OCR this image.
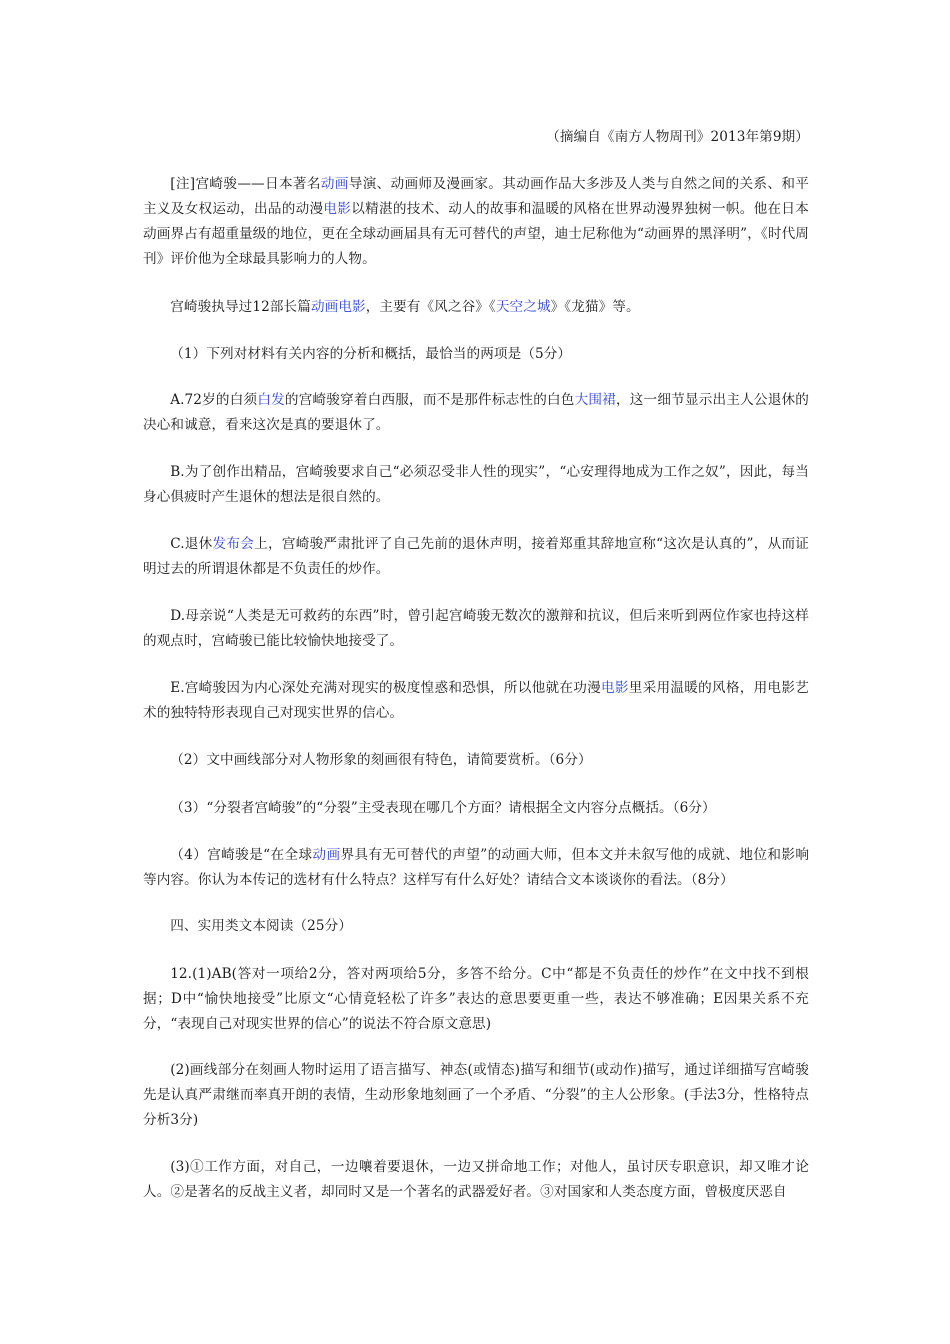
（摘编自《南方人物周刊》2013年第9期）
[注]宫崎骏——日本著名动画导演、动画师及漫画家。其动画作品大多涉及人类与自然之间的关系、和平主义及女权运动，出品的动漫电影以精湛的技术、动人的故事和温暖的风格在世界动漫界独树一帜。他在日本动画界占有超重量级的地位，更在全球动画届具有无可替代的声望，迪士尼称他为“动画界的黑泽明”，《时代周刊》评价他为全球最具影响力的人物。
宫崎骏执导过12部长篇动画电影，主要有《风之谷》《天空之城》《龙猫》等。
（1）下列对材料有关内容的分析和概括，最恰当的两项是（5分）
A.72岁的白须白发的宫崎骏穿着白西服，而不是那件标志性的白色大围裙，这一细节显示出主人公退休的决心和诚意，看来这次是真的要退休了。
B.为了创作出精品，宫崎骏要求自己“必须忍受非人性的现实”，“心安理得地成为工作之奴”，因此，每当身心俱疲时产生退休的想法是很自然的。
C.退休发布会上，宫崎骏严肃批评了自己先前的退休声明，接着郑重其辞地宣称“这次是认真的”，从而证明过去的所谓退休都是不负责任的炒作。
D.母亲说“人类是无可救药的东西”时，曾引起宫崎骏无数次的激辩和抗议，但后来听到两位作家也持这样的观点时，宫崎骏已能比较愉快地接受了。
E.宫崎骏因为内心深处充满对现实的极度惶惑和恐惧，所以他就在功漫电影里采用温暖的风格，用电影艺术的独特特形表现自己对现实世界的信心。
（2）文中画线部分对人物形象的刻画很有特色，请简要赏析。（6分）
（3）“分裂者宫崎骏”的“分裂”主受表现在哪几个方面？请根据全文内容分点概括。（6分）
（4）宫崎骏是“在全球动画界具有无可替代的声望”的动画大师，但本文并未叙写他的成就、地位和影响等内容。你认为本传记的选材有什么特点？这样写有什么好处？请结合文本谈谈你的看法。（8分）
四、实用类文本阅读（25分）
12.(1)AB(答对一项给2分，答对两项给5分，多答不给分。C中“都是不负责任的炒作”在文中找不到根据；D中“愉快地接受”比原文“心情竟轻松了许多”表达的意思要更重一些，表达不够准确；E因果关系不充分，“表现自己对现实世界的信心”的说法不符合原文意思)
(2)画线部分在刻画人物时运用了语言描写、神态(或情态)描写和细节(或动作)描写，通过详细描写宫崎骏先是认真严肃继而率真开朗的表情，生动形象地刻画了一个矛盾、“分裂”的主人公形象。(手法3分，性格特点分析3分)
(3)①工作方面，对自己，一边嚷着要退休，一边又拼命地工作；对他人，虽讨厌专职意识，却又唯才论人。②是著名的反战主义者，却同时又是一个著名的武器爱好者。③对国家和人类态度方面，曾极度厌恶自
